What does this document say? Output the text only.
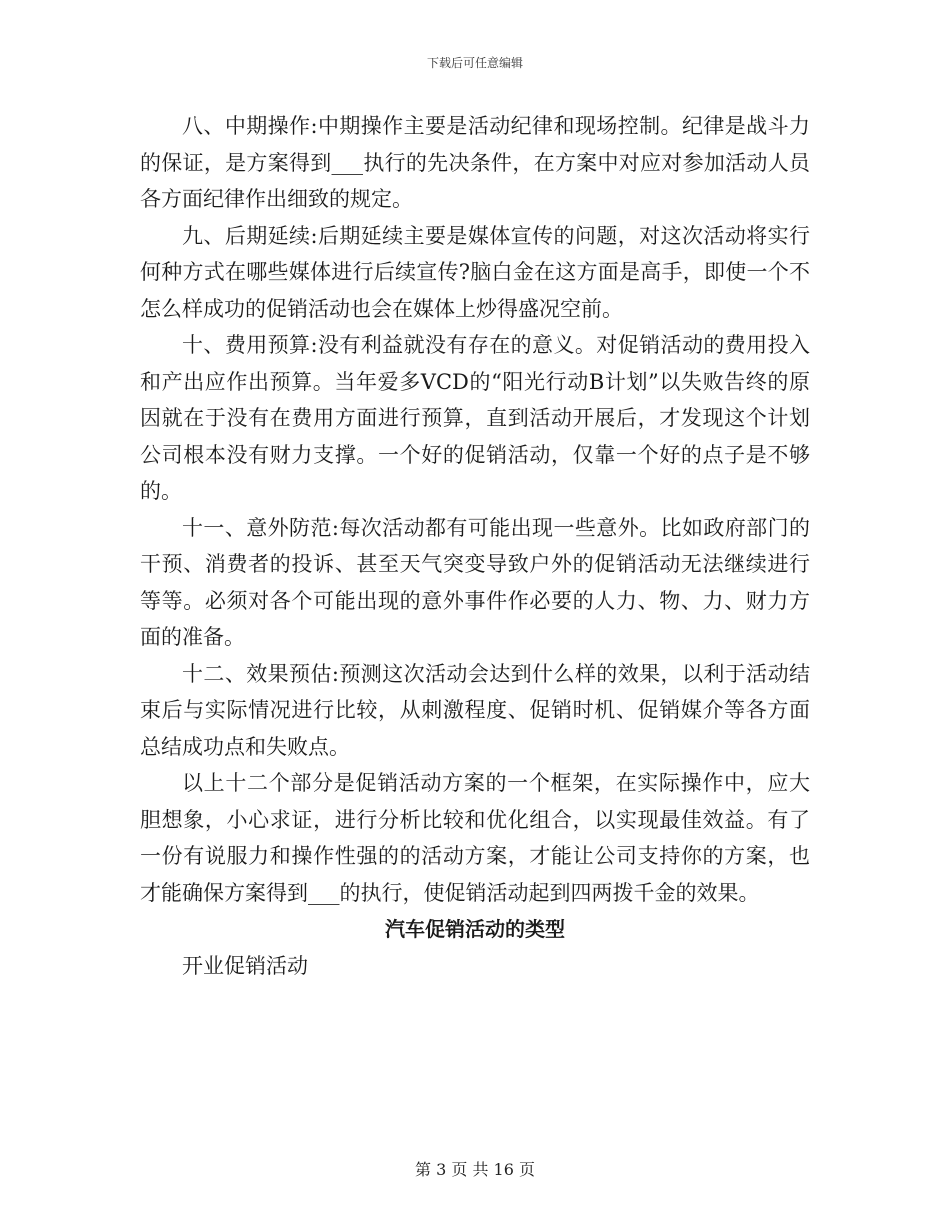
下载后可任意编辑

八、中期操作:中期操作主要是活动纪律和现场控制。纪律是战斗力的保证，是方案得到___执行的先决条件，在方案中对应对参加活动人员各方面纪律作出细致的规定。

九、后期延续:后期延续主要是媒体宣传的问题，对这次活动将实行何种方式在哪些媒体进行后续宣传?脑白金在这方面是高手，即使一个不怎么样成功的促销活动也会在媒体上炒得盛况空前。

十、费用预算:没有利益就没有存在的意义。对促销活动的费用投入和产出应作出预算。当年爱多VCD的“阳光行动B计划”以失败告终的原因就在于没有在费用方面进行预算，直到活动开展后，才发现这个计划公司根本没有财力支撑。一个好的促销活动，仅靠一个好的点子是不够的。

十一、意外防范:每次活动都有可能出现一些意外。比如政府部门的干预、消费者的投诉、甚至天气突变导致户外的促销活动无法继续进行等等。必须对各个可能出现的意外事件作必要的人力、物、力、财力方面的准备。

十二、效果预估:预测这次活动会达到什么样的效果，以利于活动结束后与实际情况进行比较，从刺激程度、促销时机、促销媒介等各方面总结成功点和失败点。

以上十二个部分是促销活动方案的一个框架，在实际操作中，应大胆想象，小心求证，进行分析比较和优化组合，以实现最佳效益。有了一份有说服力和操作性强的的活动方案，才能让公司支持你的方案，也才能确保方案得到___的执行，使促销活动起到四两拨千金的效果。

汽车促销活动的类型

开业促销活动

第 3 页 共 16 页
